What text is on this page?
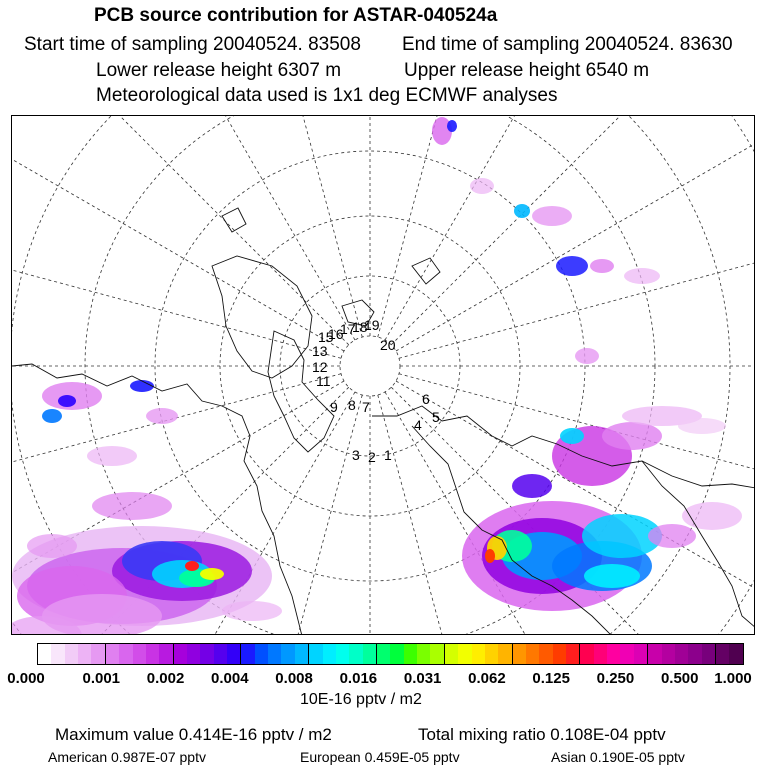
PCB source contribution for ASTAR-040524a
Start time of sampling 20040524. 83508 End time of sampling 20040524. 83630
Lower release height 6307 m	Upper release height 6540 m
Meteorological data used is 1x1 deg ECMWF analyses
15
16
17
18
19
20
13
12
11
9 8 7	6
5
4
3 2 1
0.000	0.001 0.002 0.004 0.008 0.016 0.031 0.062 0.125 0.250 0.500 1.000
10E-16 pptv / m2
Maximum value 0.414E-16 pptv / m2	Total mixing ratio 0.108E-04 pptv
American 0.987E-07 pptv	European 0.459E-05 pptv	Asian 0.190E-05 pptv
